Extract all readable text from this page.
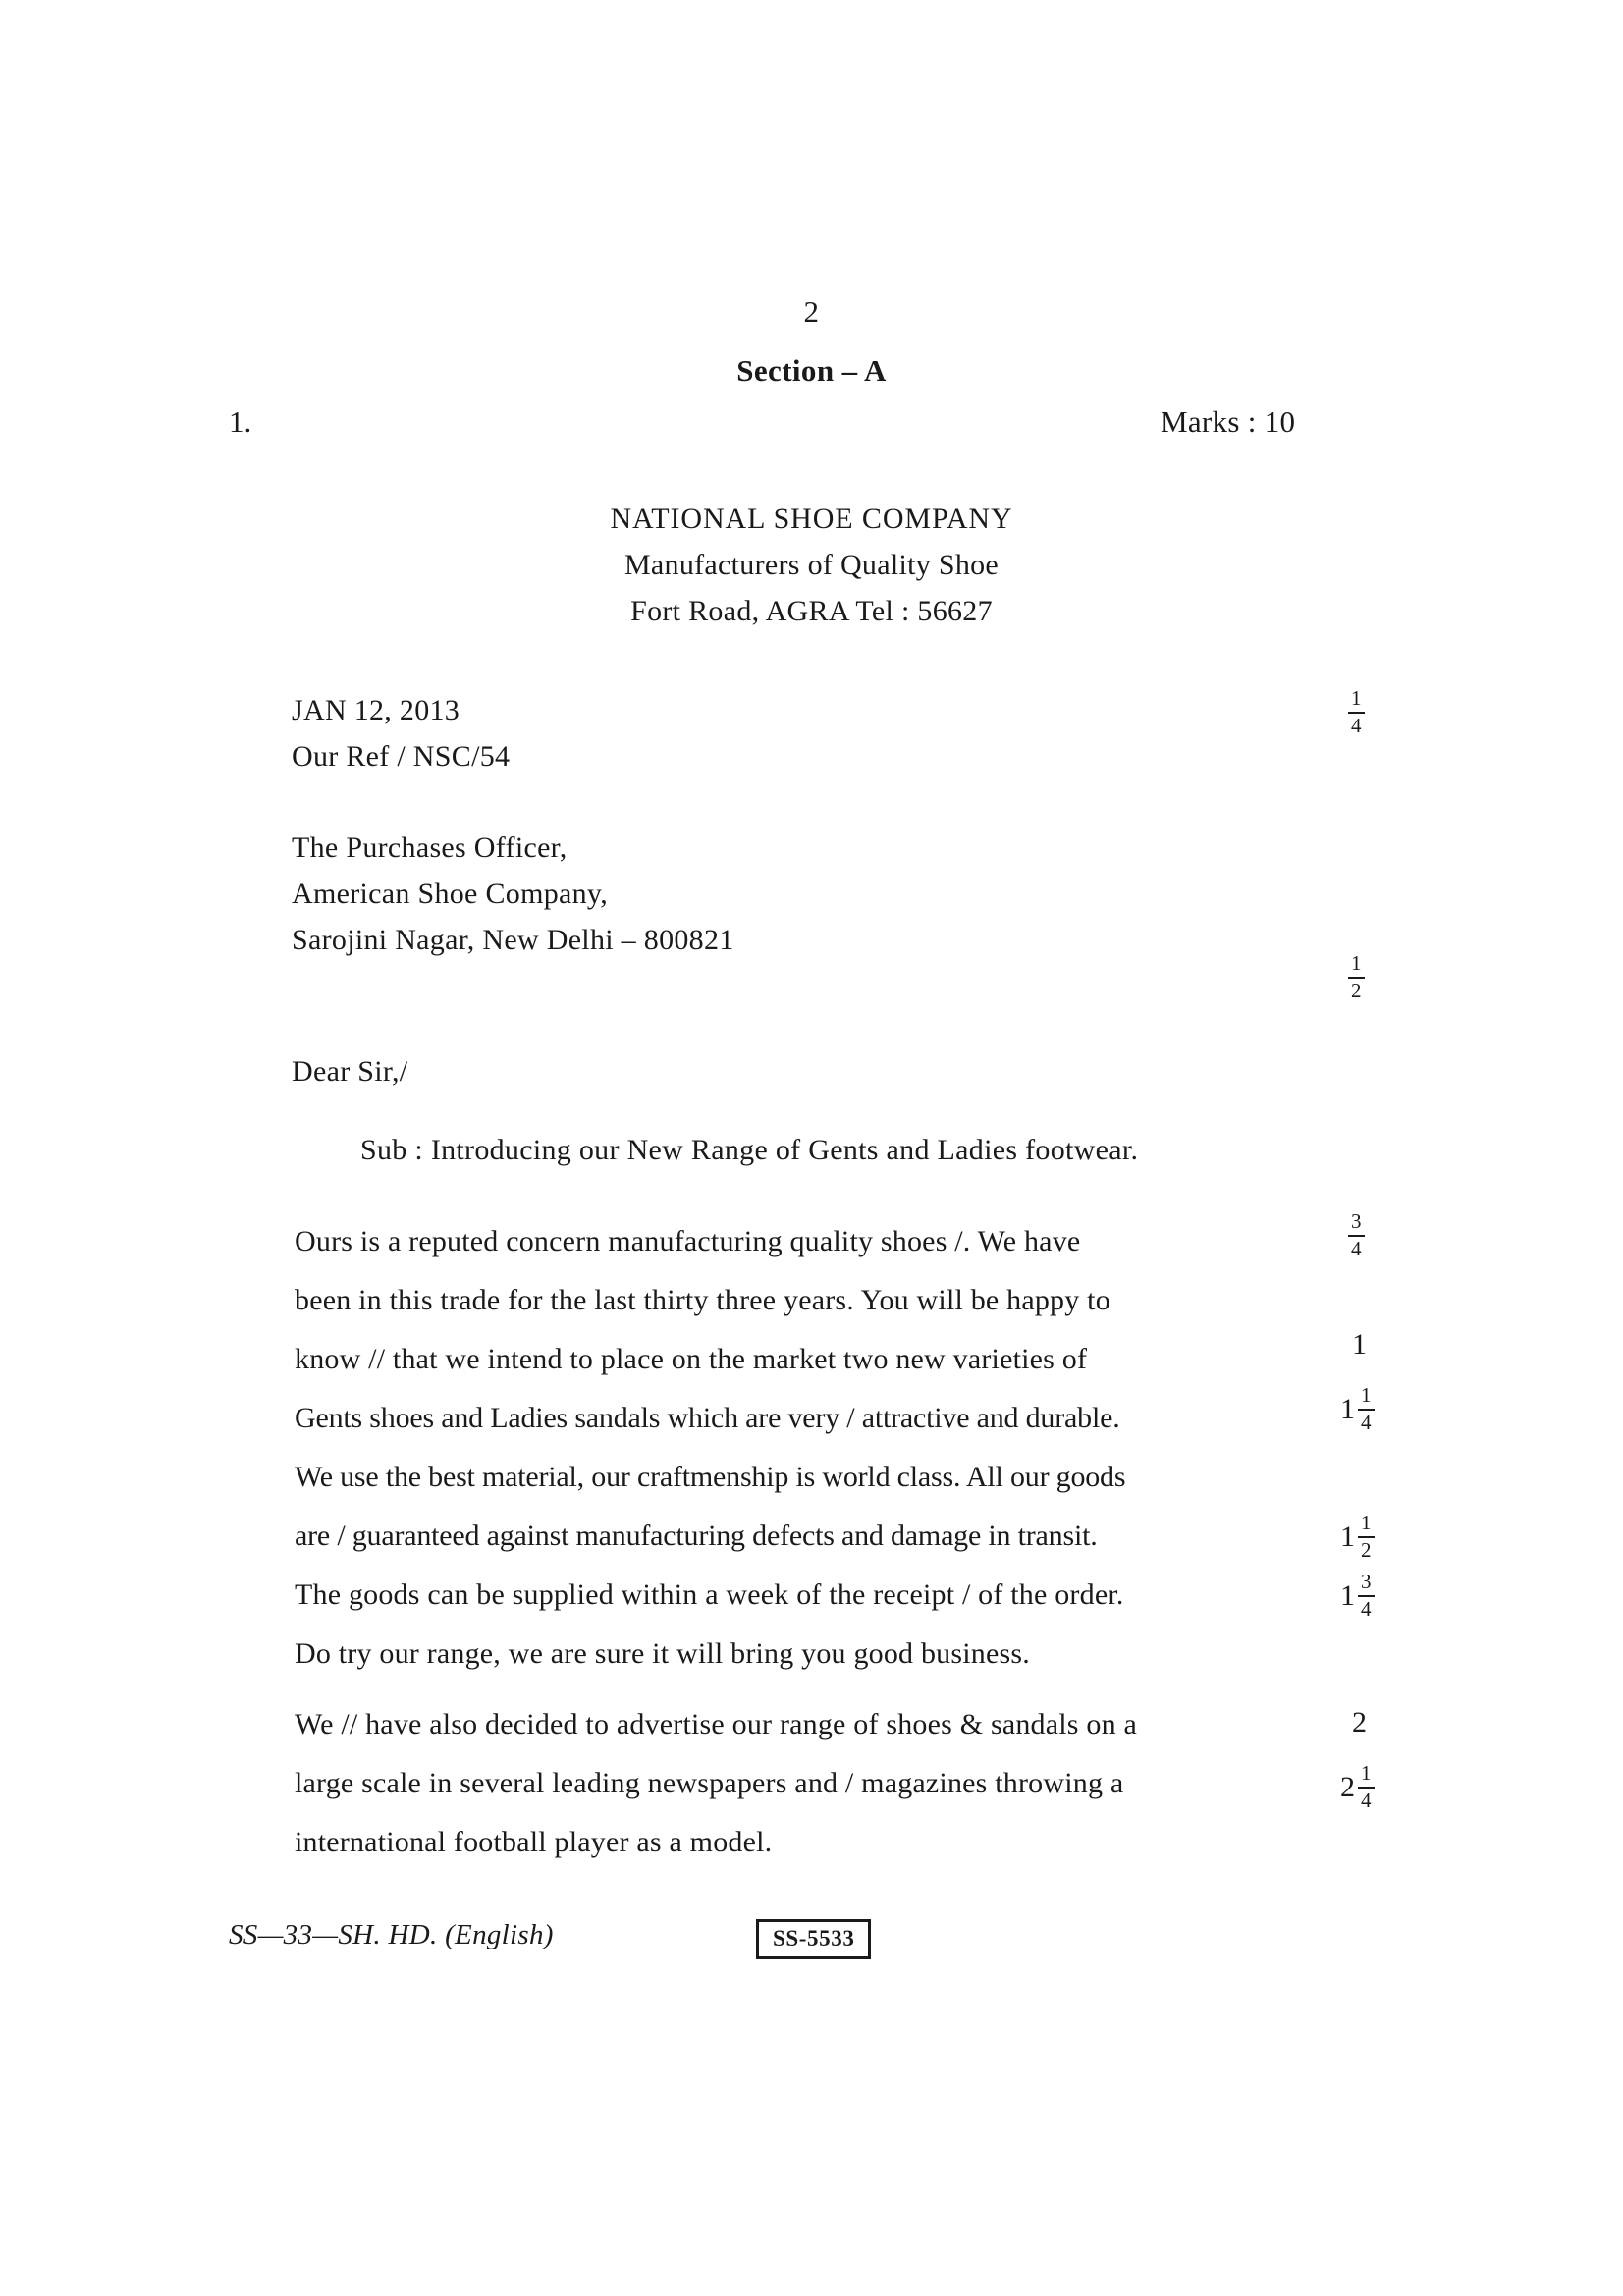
2
Section – A
1.	Marks : 10
NATIONAL SHOE COMPANY
Manufacturers of Quality Shoe
Fort Road, AGRA Tel : 56627
JAN 12, 2013
Our Ref / NSC/54
The Purchases Officer,
American Shoe Company,
Sarojini Nagar, New Delhi – 800821
Dear Sir,/
Sub : Introducing our New Range of Gents and Ladies footwear.
Ours is a reputed concern manufacturing quality shoes /. We have
been in this trade for the last thirty three years. You will be happy to
know // that we intend to place on the market two new varieties of
Gents shoes and Ladies sandals which are very / attractive and durable.
We use the best material, our craftmenship is world class. All our goods
are / guaranteed against manufacturing defects and damage in transit.
The goods can be supplied within a week of the receipt / of the order.
Do try our range, we are sure it will bring you good business.
We // have also decided to advertise our range of shoes & sandals on a
large scale in several leading newspapers and / magazines throwing a
international football player as a model.
$\frac{1}{4}$
$\frac{1}{2}$
$\frac{3}{4}$
1
$1 \frac{1}{4}$
$1 \frac{1}{2}$
$1 \frac{3}{4}$
2
$2 \frac{1}{4}$
SS—33—SH. HD. (English)	SS-5533
